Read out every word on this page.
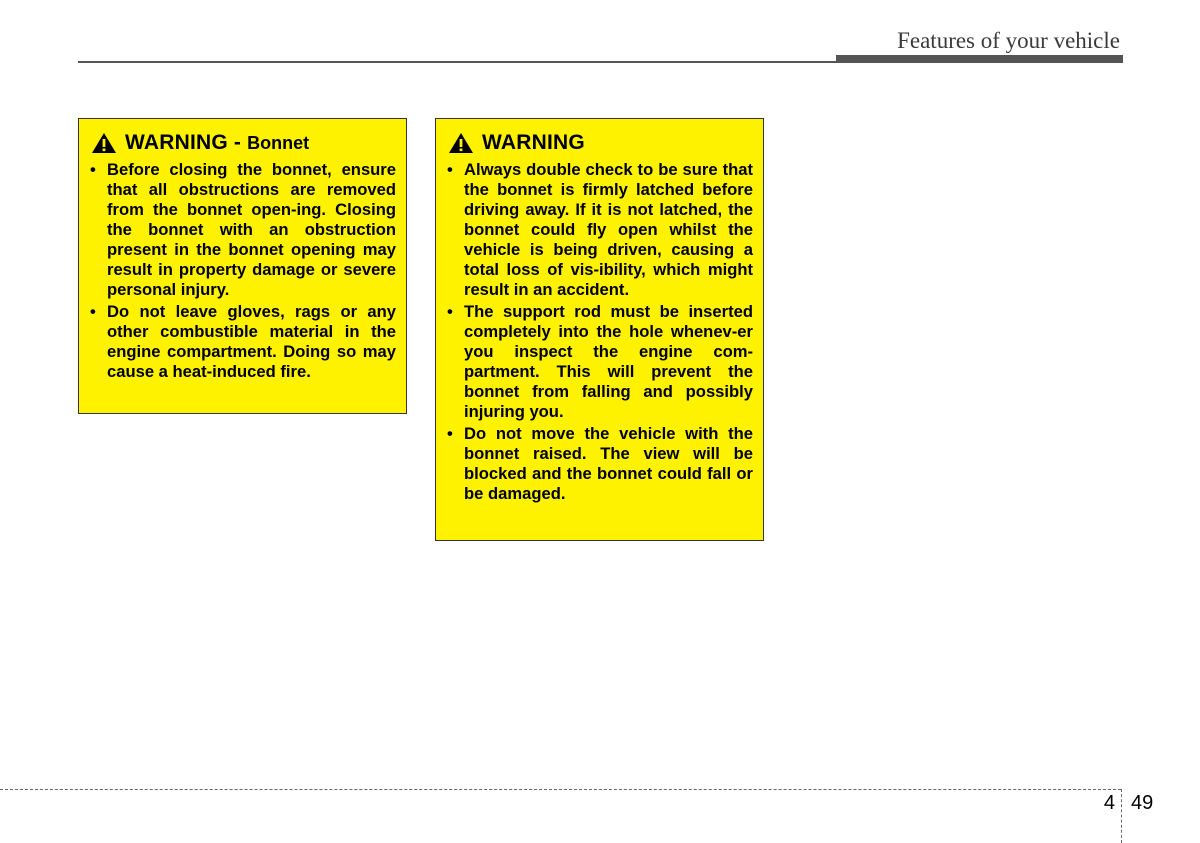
Features of your vehicle
WARNING - Bonnet
• Before closing the bonnet, ensure that all obstructions are removed from the bonnet open-ing. Closing the bonnet with an obstruction present in the bonnet opening may result in property damage or severe personal injury.
• Do not leave gloves, rags or any other combustible material in the engine compartment. Doing so may cause a heat-induced fire.
WARNING
• Always double check to be sure that the bonnet is firmly latched before driving away. If it is not latched, the bonnet could fly open whilst the vehicle is being driven, causing a total loss of vis-ibility, which might result in an accident.
• The support rod must be inserted completely into the hole whenev-er you inspect the engine com-partment. This will prevent the bonnet from falling and possibly injuring you.
• Do not move the vehicle with the bonnet raised. The view will be blocked and the bonnet could fall or be damaged.
4 49
